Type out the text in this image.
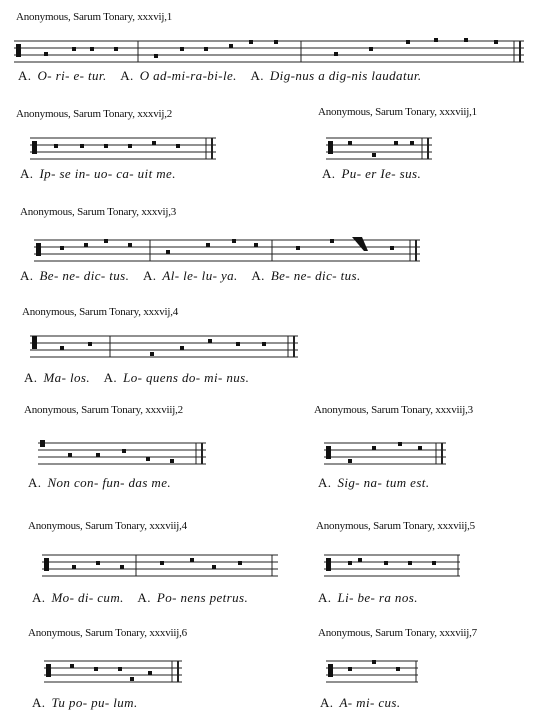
Anonymous, Sarum Tonary, xxxvij,1
A. O- ri- e- tur. A. O ad-mi-ra-bi-le. A. Dig-nus a dig-nis laudatur.
Anonymous, Sarum Tonary, xxxvij,2
A. Ip- se in- uo- ca- uit me.
Anonymous, Sarum Tonary, xxxviij,1
A. Pu- er Ie- sus.
Anonymous, Sarum Tonary, xxxvij,3
A. Be- ne- dic- tus. A. Al- le- lu- ya. A. Be- ne- dic- tus.
Anonymous, Sarum Tonary, xxxvij,4
A. Ma- los. A. Lo- quens do- mi- nus.
Anonymous, Sarum Tonary, xxxviij,2
A. Non con- fun- das me.
Anonymous, Sarum Tonary, xxxviij,3
A. Sig- na- tum est.
Anonymous, Sarum Tonary, xxxviij,4
A. Mo- di- cum. A. Po- nens petrus.
Anonymous, Sarum Tonary, xxxviij,5
A. Li- be- ra nos.
Anonymous, Sarum Tonary, xxxviij,6
A. Tu po- pu- lum.
Anonymous, Sarum Tonary, xxxviij,7
A. A- mi- cus.
